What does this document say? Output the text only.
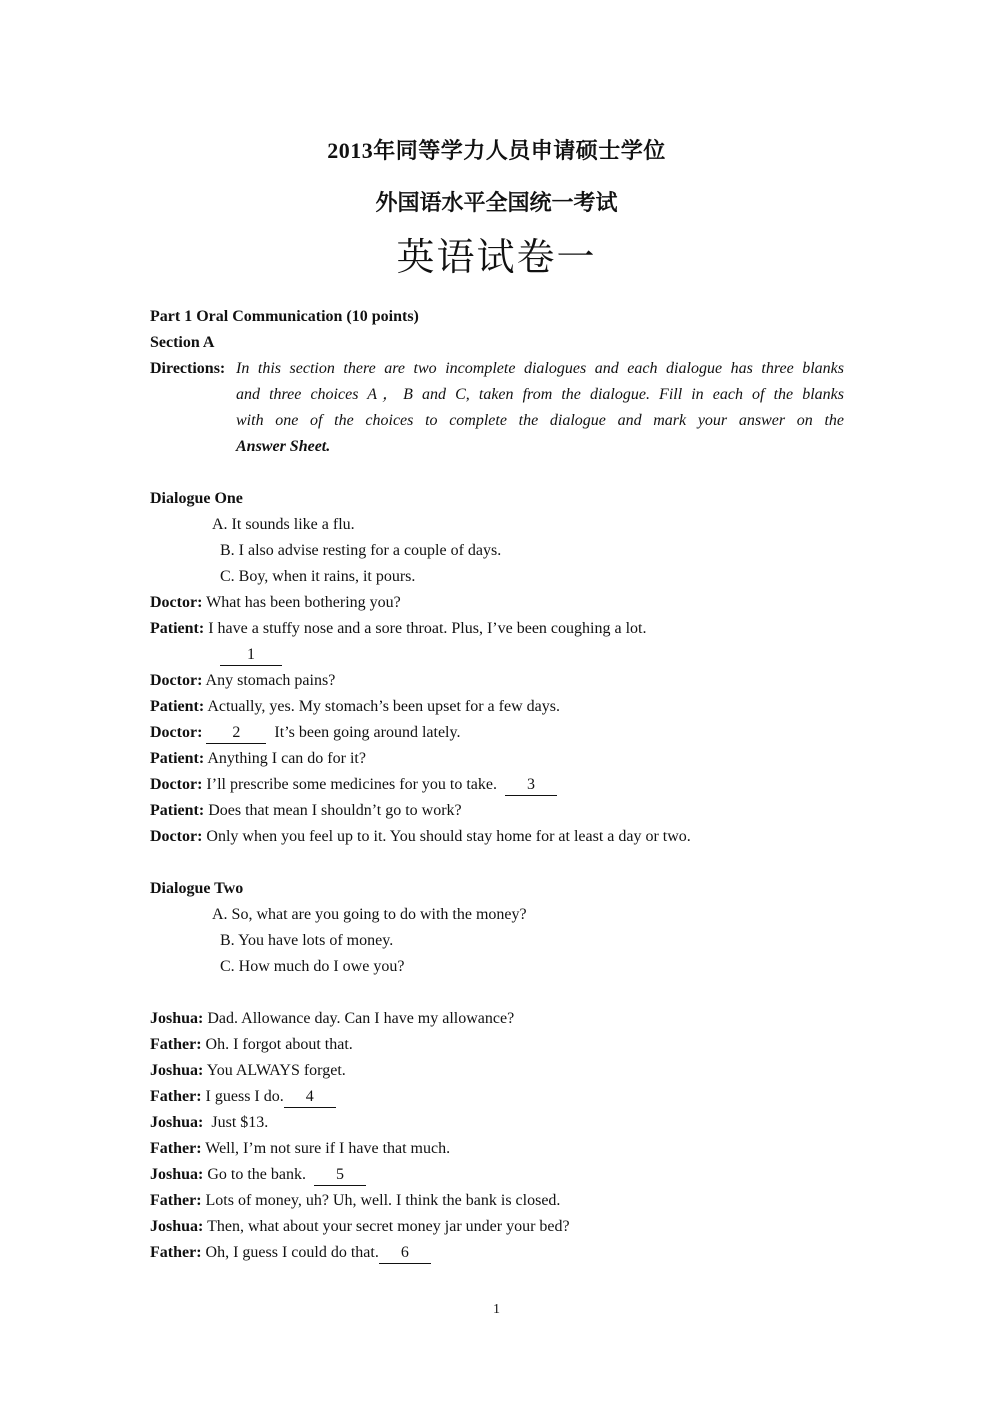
2013年同等学力人员申请硕士学位
外国语水平全国统一考试
英语试卷一
Part 1 Oral Communication (10 points)
Section A
Directions: In this section there are two incomplete dialogues and each dialogue has three blanks
and three choices A，B and C, taken from the dialogue. Fill in each of the blanks
with one of the choices to complete the dialogue and mark your answer on the
Answer Sheet.
Dialogue One
A. It sounds like a flu.
B. I also advise resting for a couple of days.
C. Boy, when it rains, it pours.
Doctor: What has been bothering you?
Patient: I have a stuffy nose and a sore throat. Plus, I’ve been coughing a lot.
1
Doctor: Any stomach pains?
Patient: Actually, yes. My stomach’s been upset for a few days.
Doctor: 2  It’s been going around lately.
Patient: Anything I can do for it?
Doctor: I’ll prescribe some medicines for you to take.  3
Patient: Does that mean I shouldn’t go to work?
Doctor: Only when you feel up to it. You should stay home for at least a day or two.
Dialogue Two
A. So, what are you going to do with the money?
B. You have lots of money.
C. How much do I owe you?
Joshua: Dad. Allowance day. Can I have my allowance?
Father: Oh. I forgot about that.
Joshua: You ALWAYS forget.
Father: I guess I do. 4
Joshua:  Just $13.
Father: Well, I’m not sure if I have that much.
Joshua: Go to the bank.  5
Father: Lots of money, uh? Uh, well. I think the bank is closed.
Joshua: Then, what about your secret money jar under your bed?
Father: Oh, I guess I could do that. 6
1
